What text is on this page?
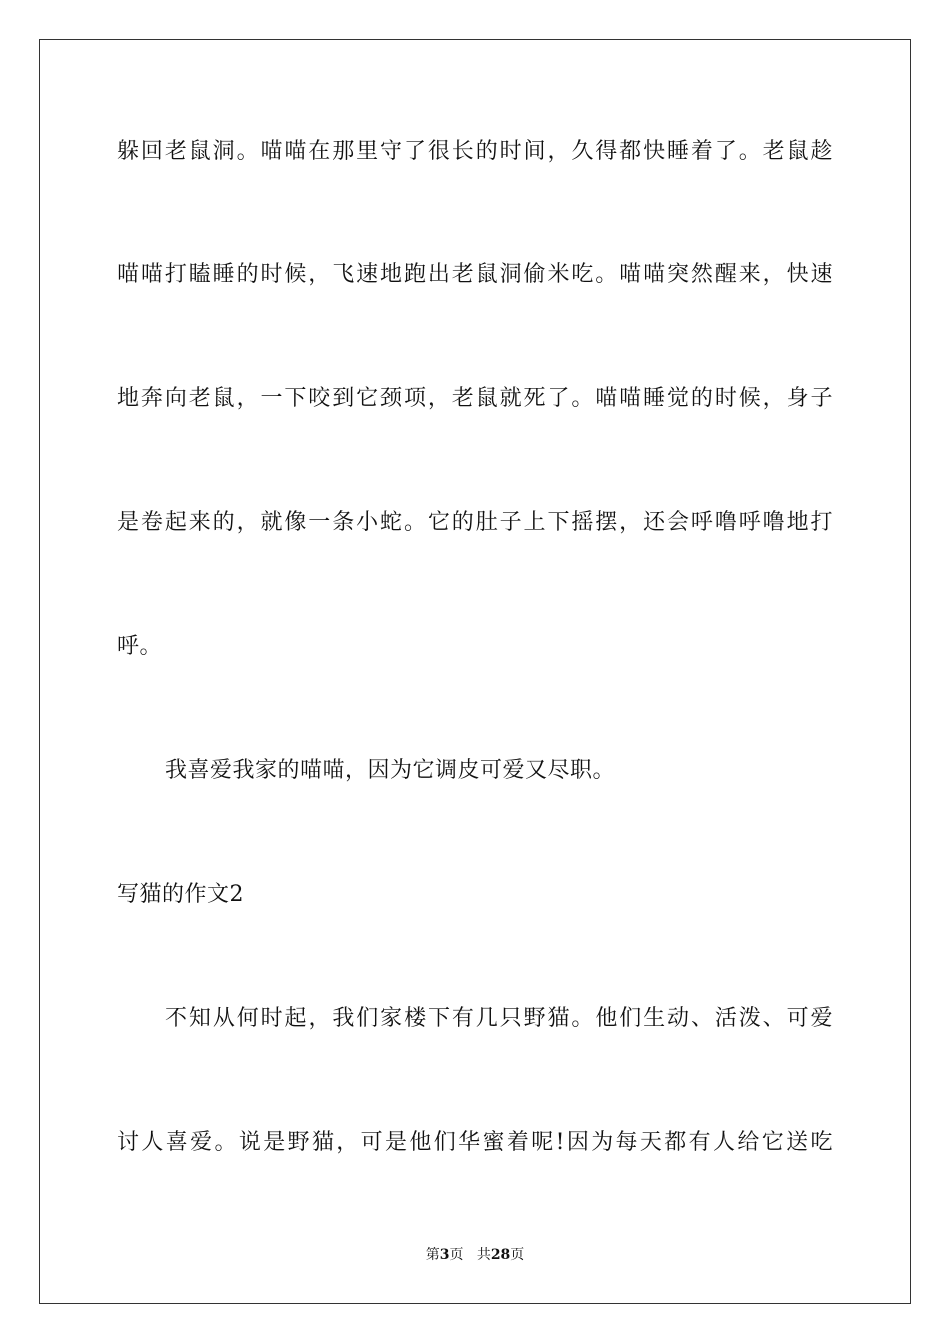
躲回老鼠洞。喵喵在那里守了很长的时间，久得都快睡着了。老鼠趁
喵喵打瞌睡的时候，飞速地跑出老鼠洞偷米吃。喵喵突然醒来，快速
地奔向老鼠，一下咬到它颈项，老鼠就死了。喵喵睡觉的时候，身子
是卷起来的，就像一条小蛇。它的肚子上下摇摆，还会呼噜呼噜地打
呼。
我喜爱我家的喵喵，因为它调皮可爱又尽职。
写猫的作文2
不知从何时起，我们家楼下有几只野猫。他们生动、活泼、可爱
讨人喜爱。说是野猫，可是他们华蜜着呢!因为每天都有人给它送吃
第3页 共28页
